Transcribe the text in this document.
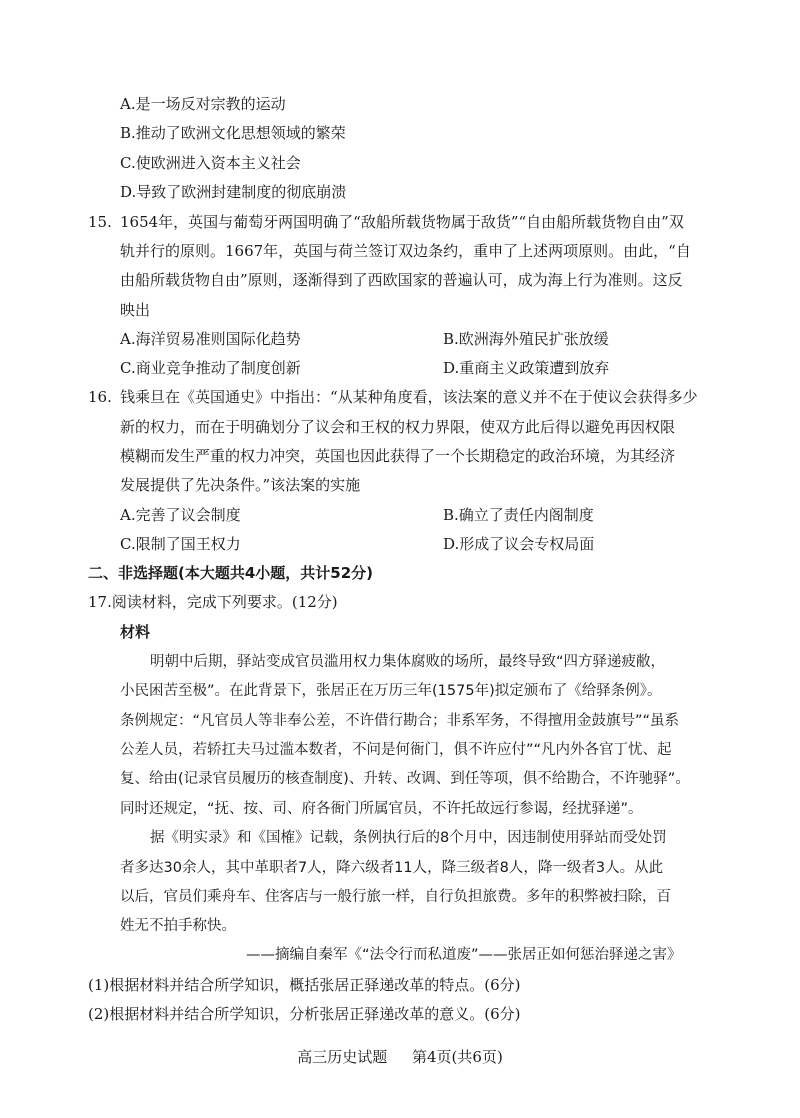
A.是一场反对宗教的运动
B.推动了欧洲文化思想领域的繁荣
C.使欧洲进入资本主义社会
D.导致了欧洲封建制度的彻底崩溃
15. 1654年，英国与葡萄牙两国明确了“敌船所载货物属于敌货”“自由船所载货物自由”双
轨并行的原则。1667年，英国与荷兰签订双边条约，重申了上述两项原则。由此，“自
由船所载货物自由”原则，逐渐得到了西欧国家的普遍认可，成为海上行为准则。这反
映出
A.海洋贸易准则国际化趋势	B.欧洲海外殖民扩张放缓
C.商业竞争推动了制度创新	D.重商主义政策遭到放弃
16. 钱乘旦在《英国通史》中指出：“从某种角度看，该法案的意义并不在于使议会获得多少
新的权力，而在于明确划分了议会和王权的权力界限，使双方此后得以避免再因权限
模糊而发生严重的权力冲突，英国也因此获得了一个长期稳定的政治环境，为其经济
发展提供了先决条件。”该法案的实施
A.完善了议会制度	B.确立了责任内阁制度
C.限制了国王权力	D.形成了议会专权局面
二、非选择题(本大题共4小题，共计52分)
17.阅读材料，完成下列要求。(12分)
材料
明朝中后期，驿站变成官员滥用权力集体腐败的场所，最终导致“四方驿递疲敝，
小民困苦至极”。在此背景下，张居正在万历三年(1575年)拟定颁布了《给驿条例》。
条例规定：“凡官员人等非奉公差，不许借行勘合；非系军务，不得擅用金鼓旗号”“虽系
公差人员，若轿扛夫马过滥本数者，不问是何衙门，俱不许应付”“凡内外各官丁忧、起
复、给由(记录官员履历的核查制度)、升转、改调、到任等项，俱不给勘合，不许驰驿”。
同时还规定，“抚、按、司、府各衙门所属官员，不许托故远行参谒，经扰驿递”。
据《明实录》和《国榷》记载，条例执行后的8个月中，因违制使用驿站而受处罚
者多达30余人，其中革职者7人，降六级者11人，降三级者8人，降一级者3人。从此
以后，官员们乘舟车、住客店与一般行旅一样，自行负担旅费。多年的积弊被扫除，百
姓无不拍手称快。
——摘编自秦军《“法令行而私道废”——张居正如何惩治驿递之害》
(1)根据材料并结合所学知识，概括张居正驿递改革的特点。(6分)
(2)根据材料并结合所学知识，分析张居正驿递改革的意义。(6分)
高三历史试题 第4页(共6页)
